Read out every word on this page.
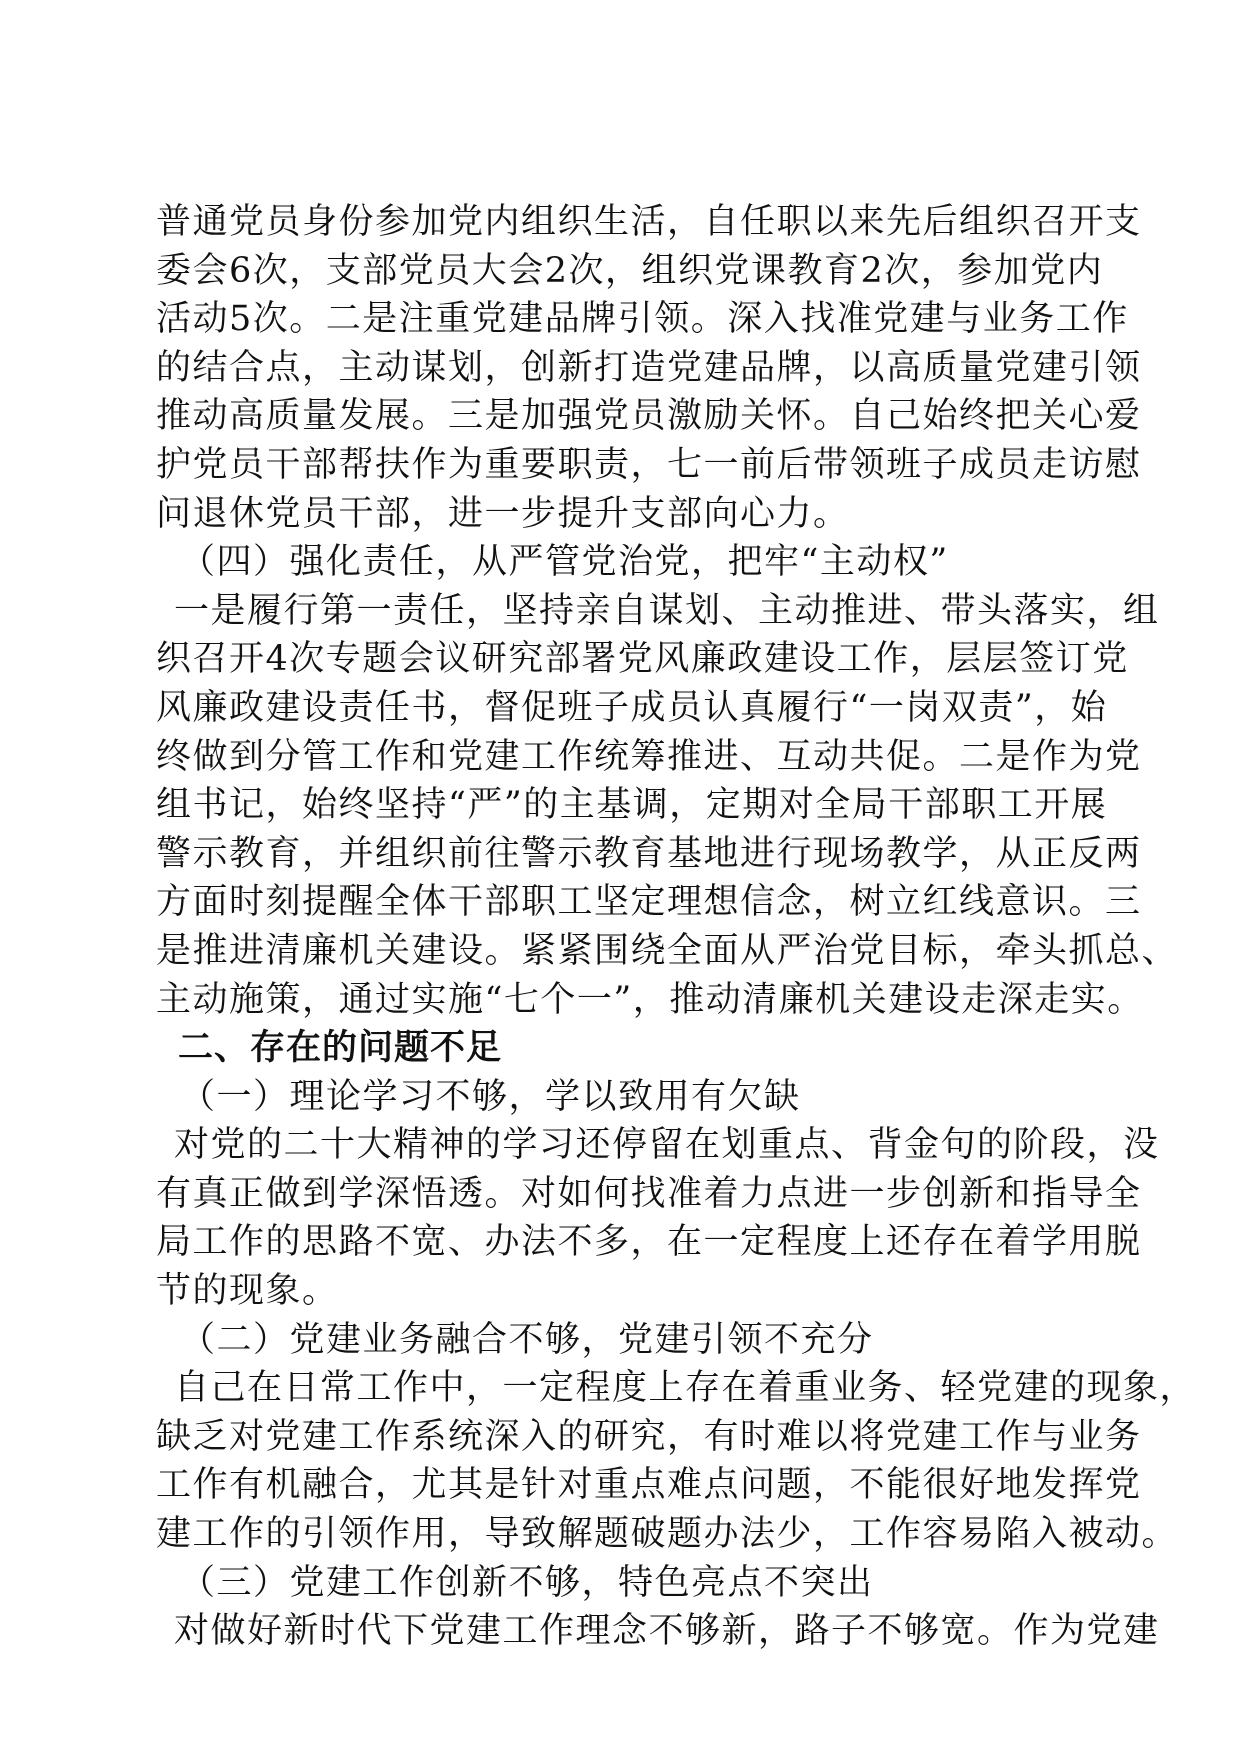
普通党员身份参加党内组织生活，自任职以来先后组织召开支
委会6次，支部党员大会2次，组织党课教育2次，参加党内
活动5次。二是注重党建品牌引领。深入找准党建与业务工作
的结合点，主动谋划，创新打造党建品牌，以高质量党建引领
推动高质量发展。三是加强党员激励关怀。自己始终把关心爱
护党员干部帮扶作为重要职责，七一前后带领班子成员走访慰
问退休党员干部，进一步提升支部向心力。
（四）强化责任，从严管党治党，把牢“主动权”
一是履行第一责任，坚持亲自谋划、主动推进、带头落实，组
织召开4次专题会议研究部署党风廉政建设工作，层层签订党
风廉政建设责任书，督促班子成员认真履行“一岗双责”，始
终做到分管工作和党建工作统筹推进、互动共促。二是作为党
组书记，始终坚持“严”的主基调，定期对全局干部职工开展
警示教育，并组织前往警示教育基地进行现场教学，从正反两
方面时刻提醒全体干部职工坚定理想信念，树立红线意识。三
是推进清廉机关建设。紧紧围绕全面从严治党目标，牵头抓总、
主动施策，通过实施“七个一”，推动清廉机关建设走深走实。
二、存在的问题不足
（一）理论学习不够，学以致用有欠缺
对党的二十大精神的学习还停留在划重点、背金句的阶段，没
有真正做到学深悟透。对如何找准着力点进一步创新和指导全
局工作的思路不宽、办法不多，在一定程度上还存在着学用脱
节的现象。
（二）党建业务融合不够，党建引领不充分
自己在日常工作中，一定程度上存在着重业务、轻党建的现象，
缺乏对党建工作系统深入的研究，有时难以将党建工作与业务
工作有机融合，尤其是针对重点难点问题，不能很好地发挥党
建工作的引领作用，导致解题破题办法少，工作容易陷入被动。
（三）党建工作创新不够，特色亮点不突出
对做好新时代下党建工作理念不够新，路子不够宽。作为党建
